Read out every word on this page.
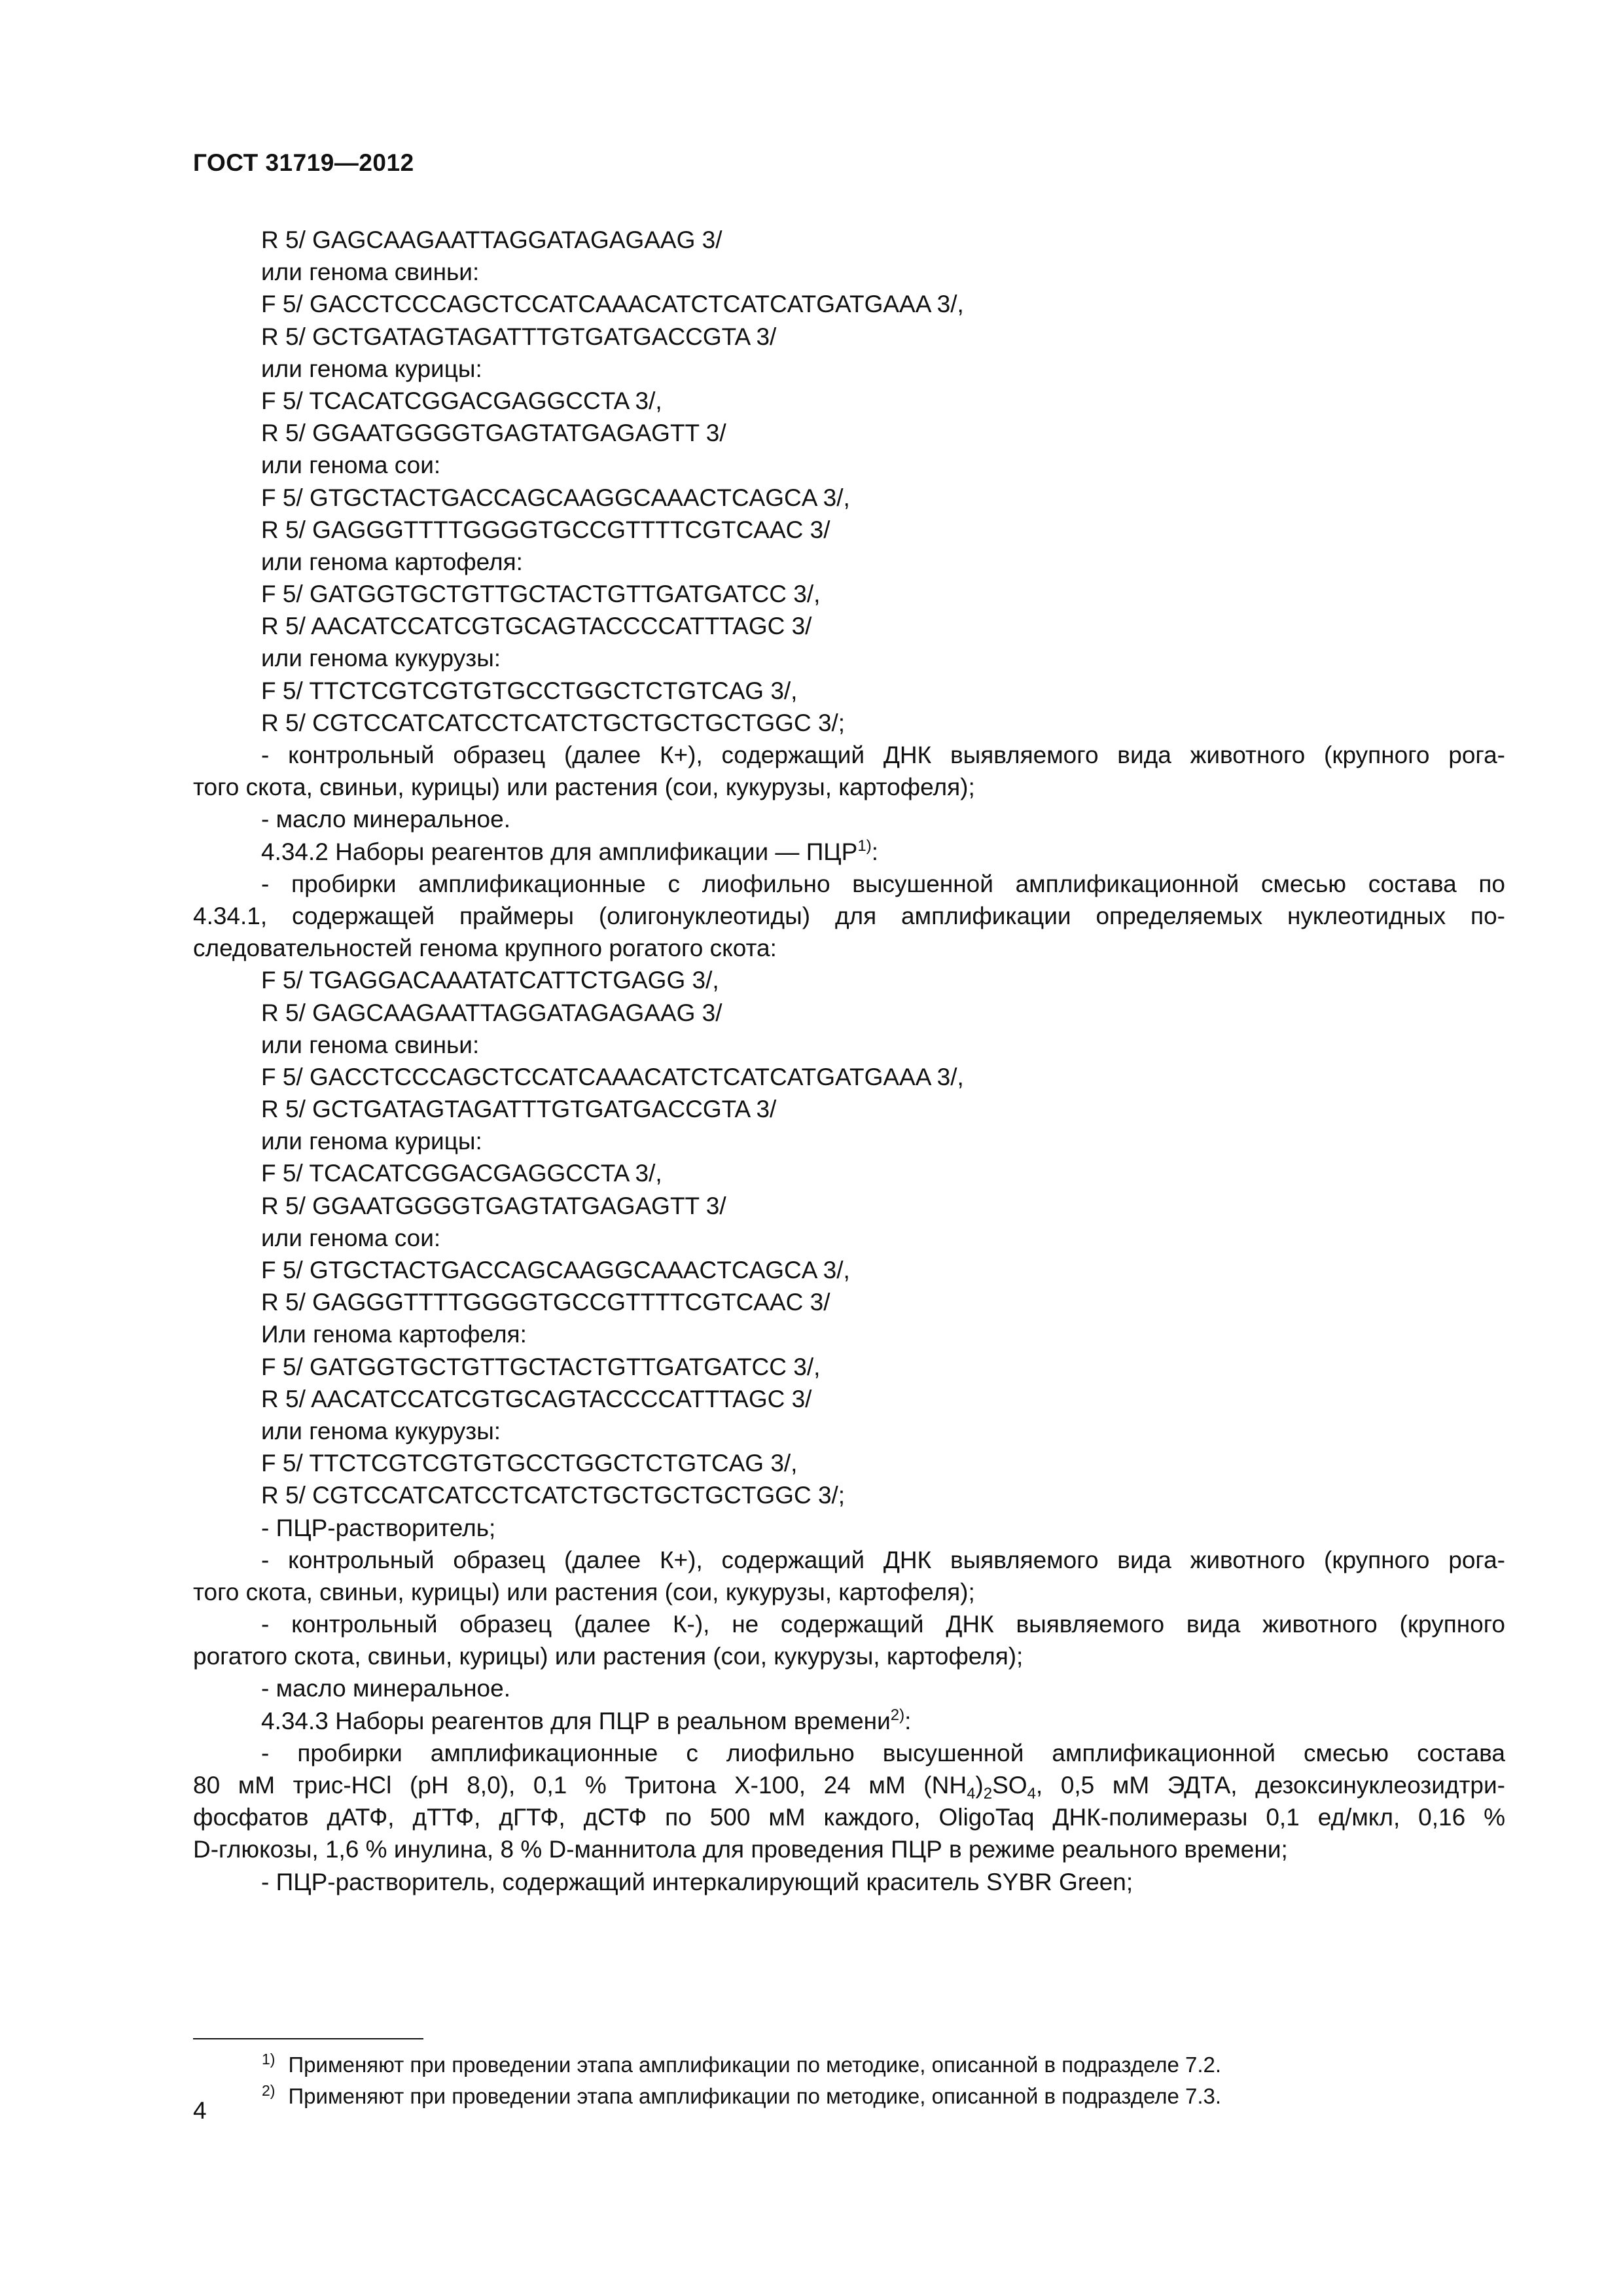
ГОСТ 31719—2012
R 5/ GAGCAAGAATTAGGATAGAGAAG 3/
или генома свиньи:
F 5/ GACCTCCCAGCTCCATCAAACATCTCATCATGATGAAA 3/,
R 5/ GCTGATAGTAGATTTGTGATGACCGTA 3/
или генома курицы:
F 5/ TCACATCGGACGAGGCCTA 3/,
R 5/ GGAATGGGGTGAGTATGAGAGTT 3/
или генома сои:
F 5/ GTGCTACTGACCAGCAAGGCAAACTCAGCA 3/,
R 5/ GAGGGTTTTGGGGTGCCGTTTTCGTCAAC 3/
или генома картофеля:
F 5/ GATGGTGCTGTTGCTACTGTTGATGATCC 3/,
R 5/ AACATCCATCGTGCAGTACCCCATTTAGC 3/
или генома кукурузы:
F 5/ TTCTCGTCGTGTGCCTGGCTCTGTCAG 3/,
R 5/ CGTCCATCATCCTCATCTGCTGCTGCTGGC 3/;
- контрольный образец (далее К+), содержащий ДНК выявляемого вида животного (крупного рога-
того скота, свиньи, курицы) или растения (сои, кукурузы, картофеля);
- масло минеральное.
4.34.2 Наборы реагентов для амплификации — ПЦР$^{1)}$:
- пробирки амплификационные с лиофильно высушенной амплификационной смесью состава по
4.34.1, содержащей праймеры (олигонуклеотиды) для амплификации определяемых нуклеотидных по-
следовательностей генома крупного рогатого скота:
F 5/ TGAGGACAAATATCATTCTGAGG 3/,
R 5/ GAGCAAGAATTAGGATAGAGAAG 3/
или генома свиньи:
F 5/ GACCTCCCAGCTCCATCAAACATCTCATCATGATGAAA 3/,
R 5/ GCTGATAGTAGATTTGTGATGACCGTA 3/
или генома курицы:
F 5/ TCACATCGGACGAGGCCTA 3/,
R 5/ GGAATGGGGTGAGTATGAGAGTT 3/
или генома сои:
F 5/ GTGCTACTGACCAGCAAGGCAAACTCAGCA 3/,
R 5/ GAGGGTTTTGGGGTGCCGTTTTCGTCAAC 3/
Или генома картофеля:
F 5/ GATGGTGCTGTTGCTACTGTTGATGATCC 3/,
R 5/ AACATCCATCGTGCAGTACCCCATTTAGC 3/
или генома кукурузы:
F 5/ TTCTCGTCGTGTGCCTGGCTCTGTCAG 3/,
R 5/ CGTCCATCATCCTCATCTGCTGCTGCTGGC 3/;
- ПЦР-растворитель;
- контрольный образец (далее К+), содержащий ДНК выявляемого вида животного (крупного рога-
того скота, свиньи, курицы) или растения (сои, кукурузы, картофеля);
- контрольный образец (далее К-), не содержащий ДНК выявляемого вида животного (крупного
рогатого скота, свиньи, курицы) или растения (сои, кукурузы, картофеля);
- масло минеральное.
4.34.3 Наборы реагентов для ПЦР в реальном времени$^{2)}$:
- пробирки амплификационные с лиофильно высушенной амплификационной смесью состава
80 мМ трис-HCl (pH 8,0), 0,1 % Тритона Х-100, 24 мМ $(NH_4)_2SO_4$, 0,5 мМ ЭДТА, дезоксинуклеозидтри-
фосфатов дАТФ, дТТФ, дГТФ, дСТФ по 500 мМ каждого, OligoTaq ДНК-полимеразы 0,1 ед/мкл, 0,16 %
D-глюкозы, 1,6 % инулина, 8 % D-маннитола для проведения ПЦР в режиме реального времени;
- ПЦР-растворитель, содержащий интеркалирующий краситель SYBR Green;
$^{1)}$ Применяют при проведении этапа амплификации по методике, описанной в подразделе 7.2.
$^{2)}$ Применяют при проведении этапа амплификации по методике, описанной в подразделе 7.3.
4
